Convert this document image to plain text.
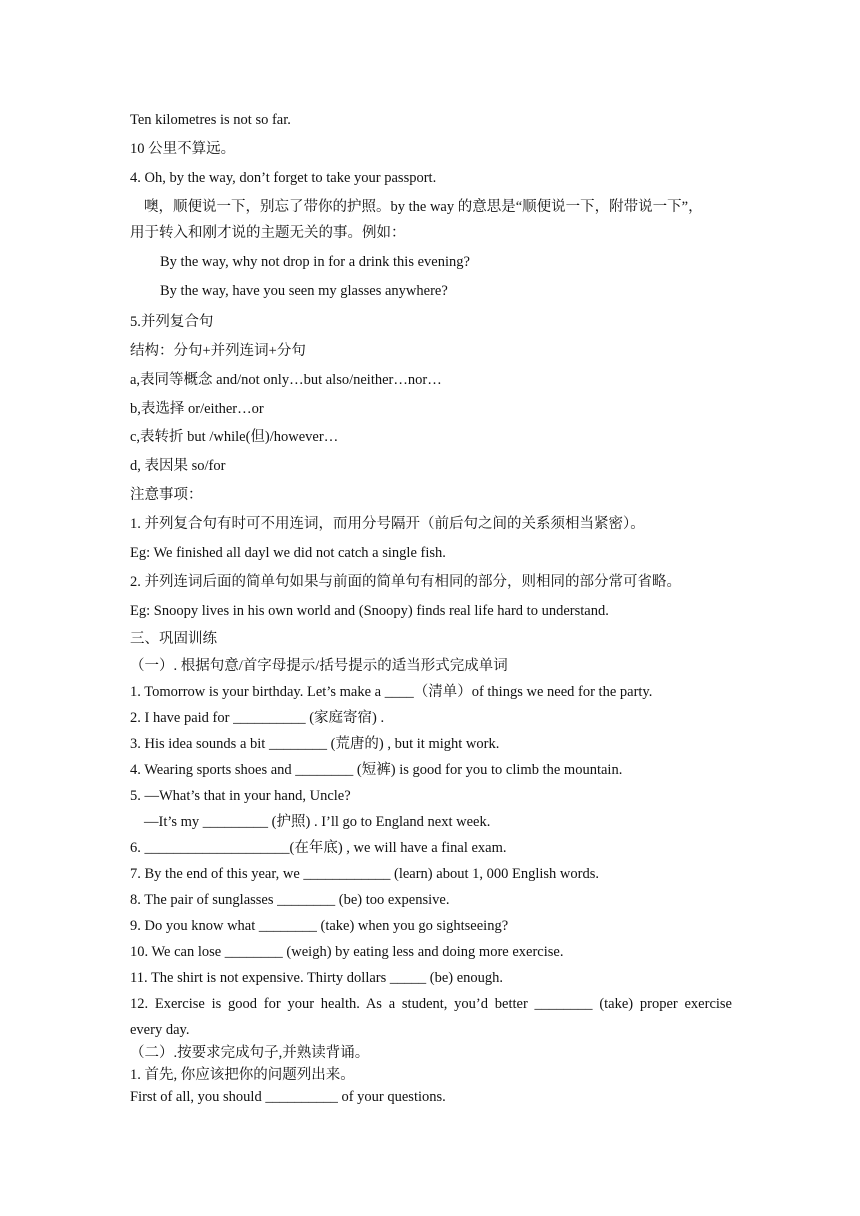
Ten kilometres is not so far.
10 公里不算远。
4. Oh, by the way, don’t forget to take your passport.
噢，顺便说一下，别忘了带你的护照。by the way 的意思是“顺便说一下，附带说一下”，
用于转入和刚才说的主题无关的事。例如：
By the way, why not drop in for a drink this evening?
By the way, have you seen my glasses anywhere?
5.并列复合句
结构：分句+并列连词+分句
a,表同等概念 and/not only…but also/neither…nor…
b,表选择 or/either…or
c,表转折 but /while(但)/however…
d, 表因果 so/for
注意事项：
1. 并列复合句有时可不用连词，而用分号隔开（前后句之间的关系须相当紧密）。
Eg: We finished all dayl we did not catch a single fish.
2. 并列连词后面的简单句如果与前面的简单句有相同的部分，则相同的部分常可省略。
Eg: Snoopy lives in his own world and (Snoopy) finds real life hard to understand.
三、巩固训练
（一）. 根据句意/首字母提示/括号提示的适当形式完成单词
1. Tomorrow is your birthday. Let’s make a ____（清单）of things we need for the party.
2. I have paid for __________ (家庭寄宿) .
3. His idea sounds a bit ________ (荒唐的) , but it might work.
4. Wearing sports shoes and ________ (短裤) is good for you to climb the mountain.
5. —What’s that in your hand, Uncle?
—It’s my _________ (护照) . I’ll go to England next week.
6. ____________________(在年底) , we will have a final exam.
7. By the end of this year, we ____________ (learn) about 1, 000 English words.
8. The pair of sunglasses ________ (be) too expensive.
9. Do you know what ________ (take) when you go sightseeing?
10. We can lose ________ (weigh) by eating less and doing more exercise.
11. The shirt is not expensive. Thirty dollars _____ (be) enough.
12. Exercise is good for your health. As a student, you’d better ________ (take) proper exercise
every day.
（二）.按要求完成句子,并熟读背诵。
1. 首先, 你应该把你的问题列出来。
First of all, you should __________ of your questions.
